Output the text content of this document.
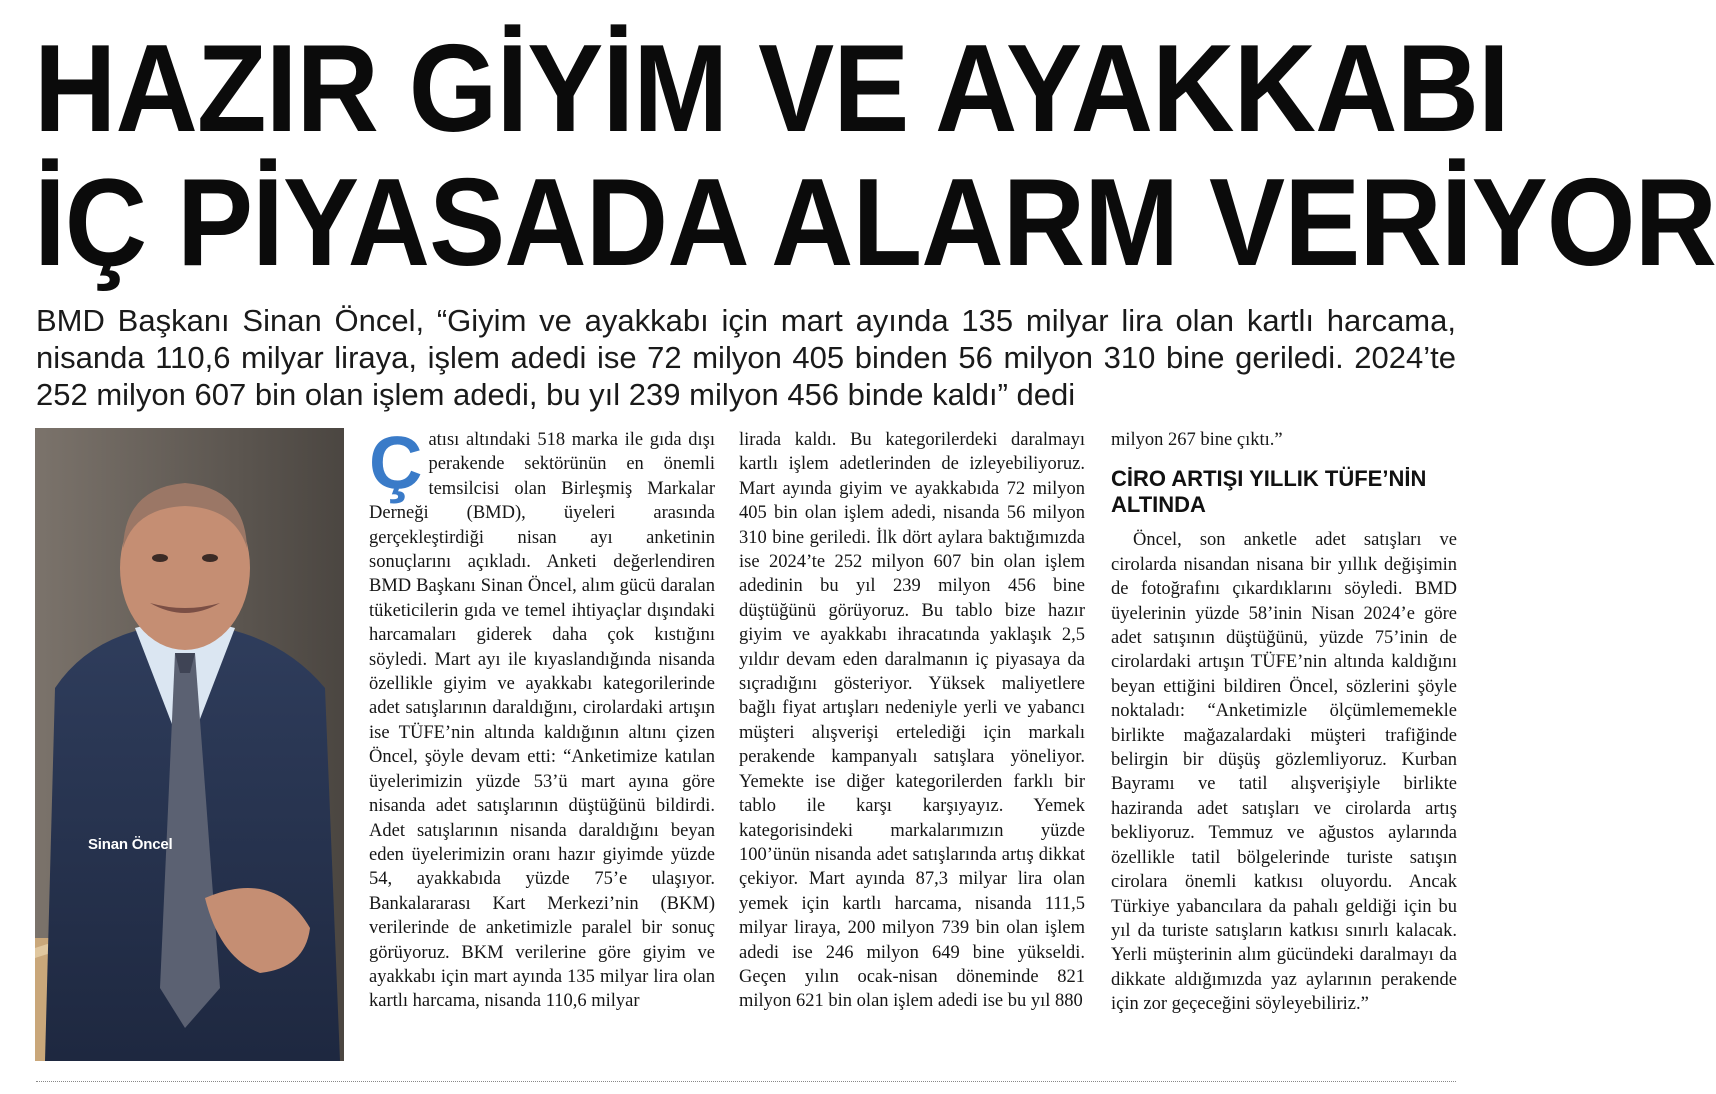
HAZIR GİYİM VE AYAKKABI
İÇ PİYASADA ALARM VERİYOR

BMD Başkanı Sinan Öncel, “Giyim ve ayakkabı için mart ayında 135 milyar lira olan kartlı harcama, nisanda 110,6 milyar liraya, işlem adedi ise 72 milyon 405 binden 56 milyon 310 bine geriledi. 2024’te 252 milyon 607 bin olan işlem adedi, bu yıl 239 milyon 456 binde kaldı” dedi

Sinan Öncel
Ç atısı altındaki 518 marka ile gıda dışı perakende sektörünün en önemli temsilcisi olan Birleşmiş Markalar Derneği (BMD), üyeleri arasında gerçekleştirdiği nisan ayı anketinin sonuçlarını açıkladı. Anketi değerlendiren BMD Başkanı Sinan Öncel, alım gücü daralan tüketicilerin gıda ve temel ihtiyaçlar dışındaki harcamaları giderek daha çok kıstığını söyledi. Mart ayı ile kıyaslandığında nisanda özellikle giyim ve ayakkabı kategorilerinde adet satışlarının daraldığını, cirolardaki artışın ise TÜFE’nin altında kaldığının altını çizen Öncel, şöyle devam etti: “Anketimize katılan üyelerimizin yüzde 53’ü mart ayına göre nisanda adet satışlarının düştüğünü bildirdi. Adet satışlarının nisanda daraldığını beyan eden üyelerimizin oranı hazır giyimde yüzde 54, ayakkabıda yüzde 75’e ulaşıyor. Bankalararası Kart Merkezi’nin (BKM) verilerinde de anketimizle paralel bir sonuç görüyoruz. BKM verilerine göre giyim ve ayakkabı için mart ayında 135 milyar lira olan kartlı harcama, nisanda 110,6 milyar

lirada kaldı. Bu kategorilerdeki daralmayı kartlı işlem adetlerinden de izleyebiliyoruz. Mart ayında giyim ve ayakkabıda 72 milyon 405 bin olan işlem adedi, nisanda 56 milyon 310 bine geriledi. İlk dört aylara baktığımızda ise 2024’te 252 milyon 607 bin olan işlem adedinin bu yıl 239 milyon 456 bine düştüğünü görüyoruz. Bu tablo bize hazır giyim ve ayakkabı ihracatında yaklaşık 2,5 yıldır devam eden daralmanın iç piyasaya da sıçradığını gösteriyor. Yüksek maliyetlere bağlı fiyat artışları nedeniyle yerli ve yabancı müşteri alışverişi ertelediği için markalı perakende kampanyalı satışlara yöneliyor. Yemekte ise diğer kategorilerden farklı bir tablo ile karşı karşıyayız. Yemek kategorisindeki markalarımızın yüzde 100’ünün nisanda adet satışlarında artış dikkat çekiyor. Mart ayında 87,3 milyar lira olan yemek için kartlı harcama, nisanda 111,5 milyar liraya, 200 milyon 739 bin olan işlem adedi ise 246 milyon 649 bine yükseldi. Geçen yılın ocak-nisan döneminde 821 milyon 621 bin olan işlem adedi ise bu yıl 880

milyon 267 bine çıktı.”

CİRO ARTIŞI YILLIK TÜFE’NİN ALTINDA

Öncel, son anketle adet satışları ve cirolarda nisandan nisana bir yıllık değişimin de fotoğrafını çıkardıklarını söyledi. BMD üyelerinin yüzde 58’inin Nisan 2024’e göre adet satışının düştüğünü, yüzde 75’inin de cirolardaki artışın TÜFE’nin altında kaldığını beyan ettiğini bildiren Öncel, sözlerini şöyle noktaladı: “Anketimizle ölçümlememekle birlikte mağazalardaki müşteri trafiğinde belirgin bir düşüş gözlemliyoruz. Kurban Bayramı ve tatil alışverişiyle birlikte haziranda adet satışları ve cirolarda artış bekliyoruz. Temmuz ve ağustos aylarında özellikle tatil bölgelerinde turiste satışın cirolara önemli katkısı oluyordu. Ancak Türkiye yabancılara da pahalı geldiği için bu yıl da turiste satışların katkısı sınırlı kalacak. Yerli müşterinin alım gücündeki daralmayı da dikkate aldığımızda yaz aylarının perakende için zor geçeceğini söyleyebiliriz.”
